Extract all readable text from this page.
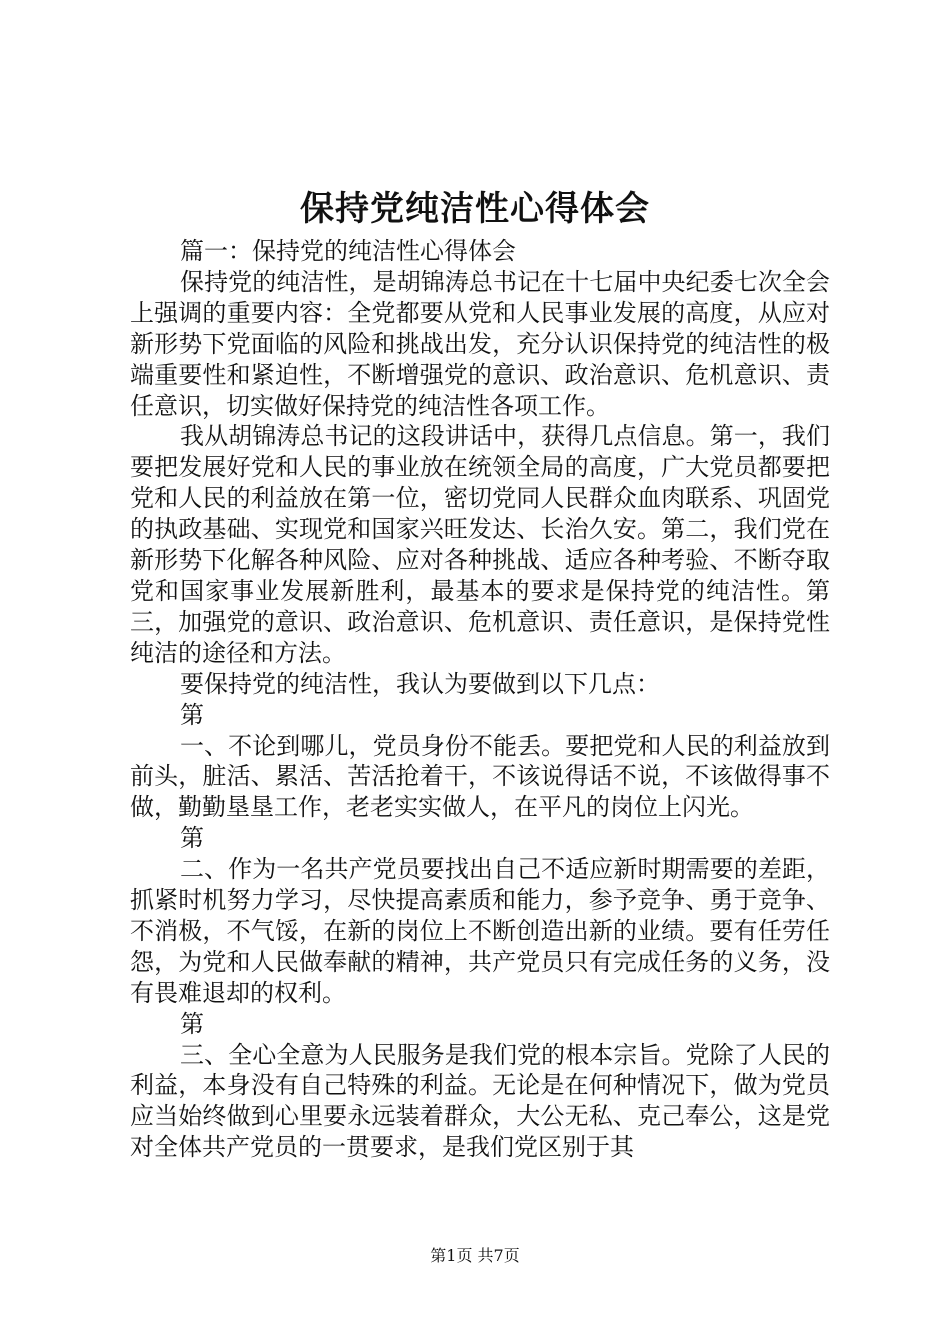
保持党纯洁性心得体会

篇一：保持党的纯洁性心得体会

保持党的纯洁性，是胡锦涛总书记在十七届中央纪委七次全会上强调的重要内容：全党都要从党和人民事业发展的高度，从应对新形势下党面临的风险和挑战出发，充分认识保持党的纯洁性的极端重要性和紧迫性，不断增强党的意识、政治意识、危机意识、责任意识，切实做好保持党的纯洁性各项工作。

我从胡锦涛总书记的这段讲话中，获得几点信息。第一，我们要把发展好党和人民的事业放在统领全局的高度，广大党员都要把党和人民的利益放在第一位，密切党同人民群众血肉联系、巩固党的执政基础、实现党和国家兴旺发达、长治久安。第二，我们党在新形势下化解各种风险、应对各种挑战、适应各种考验、不断夺取党和国家事业发展新胜利，最基本的要求是保持党的纯洁性。第三，加强党的意识、政治意识、危机意识、责任意识，是保持党性纯洁的途径和方法。

要保持党的纯洁性，我认为要做到以下几点：

第

一、不论到哪儿，党员身份不能丢。要把党和人民的利益放到前头，脏活、累活、苦活抢着干，不该说得话不说，不该做得事不做，勤勤垦垦工作，老老实实做人，在平凡的岗位上闪光。

第

二、作为一名共产党员要找出自己不适应新时期需要的差距，抓紧时机努力学习，尽快提高素质和能力，参予竞争、勇于竞争、不消极，不气馁，在新的岗位上不断创造出新的业绩。要有任劳任怨，为党和人民做奉献的精神，共产党员只有完成任务的义务，没有畏难退却的权利。

第

三、全心全意为人民服务是我们党的根本宗旨。党除了人民的利益，本身没有自己特殊的利益。无论是在何种情况下，做为党员应当始终做到心里要永远装着群众，大公无私、克己奉公，这是党对全体共产党员的一贯要求，是我们党区别于其

第1页 共7页
